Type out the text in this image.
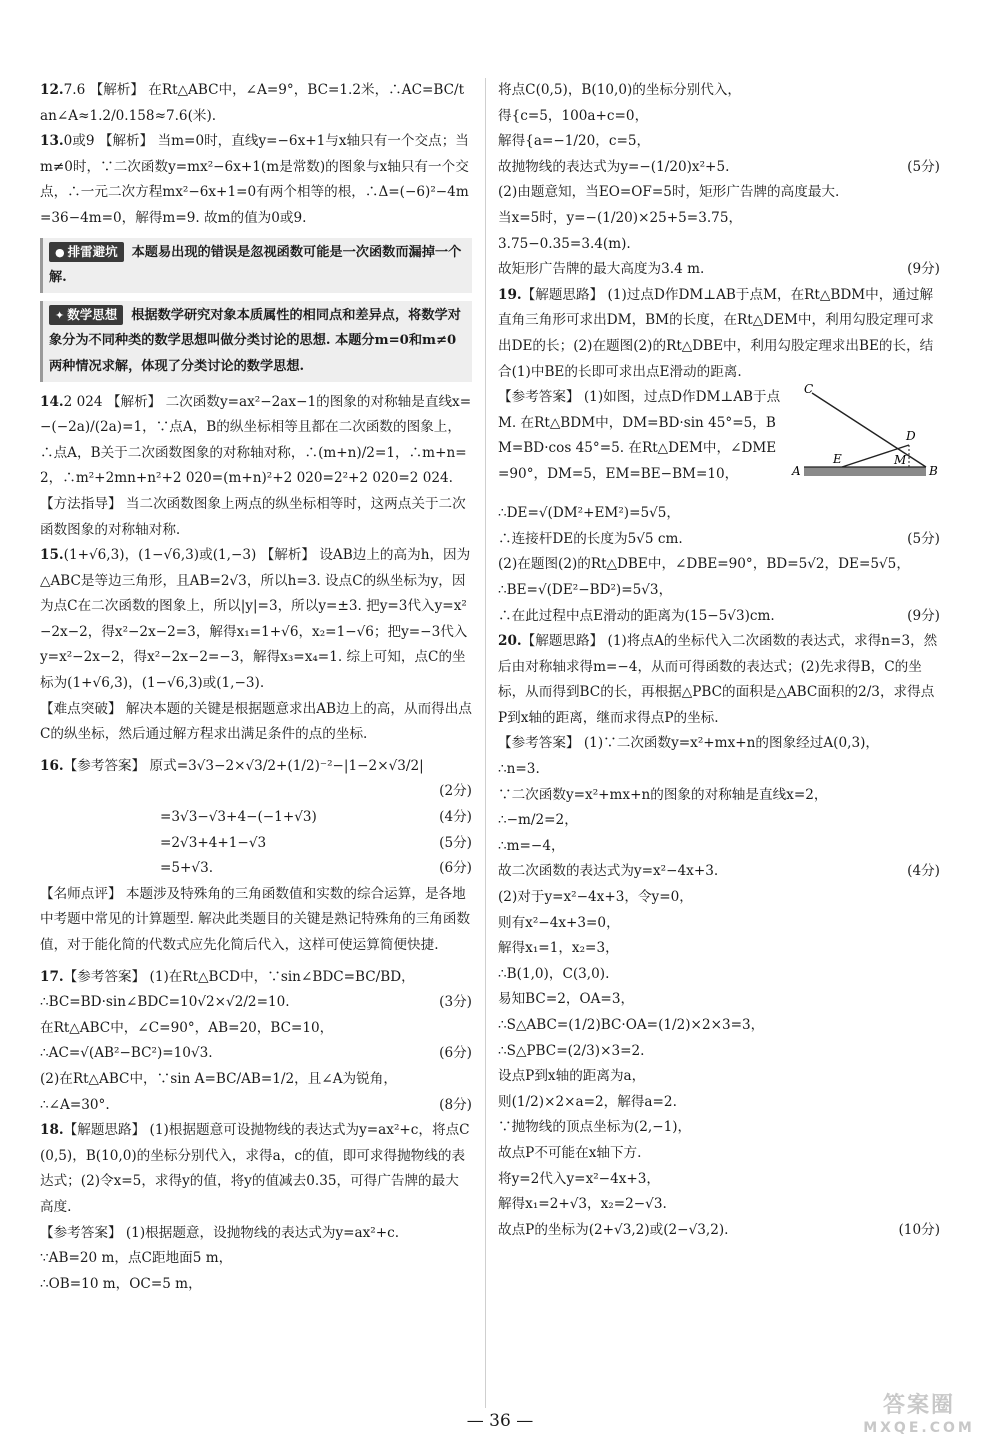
12.7.6 【解析】 在Rt△ABC中，∠A=9°，BC=1.2米，∴AC=BC/tan∠A≈1.2/0.158≈7.6(米).

13.0或9 【解析】 当m=0时，直线y=−6x+1与x轴只有一个交点；当m≠0时，∵二次函数y=mx²−6x+1(m是常数)的图象与x轴只有一个交点，∴一元二次方程mx²−6x+1=0有两个相等的根，∴Δ=(−6)²−4m=36−4m=0，解得m=9. 故m的值为0或9.

● 排雷避坑 本题易出现的错误是忽视函数可能是一次函数而漏掉一个解.
✦ 数学思想 根据数学研究对象本质属性的相同点和差异点，将数学对象分为不同种类的数学思想叫做分类讨论的思想. 本题分m=0和m≠0两种情况求解，体现了分类讨论的数学思想.

14.2 024 【解析】 二次函数y=ax²−2ax−1的图象的对称轴是直线x=−(−2a)/(2a)=1，∵点A，B的纵坐标相等且都在二次函数的图象上，∴点A，B关于二次函数图象的对称轴对称，∴(m+n)/2=1，∴m+n=2，∴m²+2mn+n²+2 020=(m+n)²+2 020=2²+2 020=2 024.

【方法指导】 当二次函数图象上两点的纵坐标相等时，这两点关于二次函数图象的对称轴对称.

15.(1+√6,3)，(1−√6,3)或(1,−3) 【解析】 设AB边上的高为h，因为△ABC是等边三角形，且AB=2√3，所以h=3. 设点C的纵坐标为y，因为点C在二次函数的图象上，所以|y|=3，所以y=±3. 把y=3代入y=x²−2x−2，得x²−2x−2=3，解得x₁=1+√6，x₂=1−√6；把y=−3代入y=x²−2x−2，得x²−2x−2=−3，解得x₃=x₄=1. 综上可知，点C的坐标为(1+√6,3)，(1−√6,3)或(1,−3).

【难点突破】 解决本题的关键是根据题意求出AB边上的高，从而得出点C的纵坐标，然后通过解方程求出满足条件的点的坐标.

16.【参考答案】 原式=3√3−2×√3/2+(1/2)⁻²−|1−2×√3/2|

(2分)

=3√3−√3+4−(−1+√3)	(4分)

=2√3+4+1−√3	(5分)

=5+√3.	(6分)

【名师点评】 本题涉及特殊角的三角函数值和实数的综合运算，是各地中考题中常见的计算题型. 解决此类题目的关键是熟记特殊角的三角函数值，对于能化简的代数式应先化简后代入，这样可使运算简便快捷.

17.【参考答案】 (1)在Rt△BCD中，∵sin∠BDC=BC/BD，

∴BC=BD·sin∠BDC=10√2×√2/2=10.	(3分)

在Rt△ABC中，∠C=90°，AB=20，BC=10，

∴AC=√(AB²−BC²)=10√3.	(6分)

(2)在Rt△ABC中，∵sin A=BC/AB=1/2，且∠A为锐角，

∴∠A=30°.	(8分)

18.【解题思路】 (1)根据题意可设抛物线的表达式为y=ax²+c，将点C(0,5)，B(10,0)的坐标分别代入，求得a，c的值，即可求得抛物线的表达式；(2)令x=5，求得y的值，将y的值减去0.35，可得广告牌的最大高度.

【参考答案】 (1)根据题意，设抛物线的表达式为y=ax²+c.

∵AB=20 m，点C距地面5 m，

∴OB=10 m，OC=5 m，

将点C(0,5)，B(10,0)的坐标分别代入，

得{c=5，100a+c=0，

解得{a=−1/20，c=5，

故抛物线的表达式为y=−(1/20)x²+5.	(5分)

(2)由题意知，当EO=OF=5时，矩形广告牌的高度最大.

当x=5时，y=−(1/20)×25+5=3.75，

3.75−0.35=3.4(m).

故矩形广告牌的最大高度为3.4 m.	(9分)

19.【解题思路】 (1)过点D作DM⊥AB于点M，在Rt△BDM中，通过解直角三角形可求出DM，BM的长度，在Rt△DEM中，利用勾股定理可求出DE的长；(2)在题图(2)的Rt△DBE中，利用勾股定理求出BE的长，结合(1)中BE的长即可求出点E滑动的距离.

A	B
C
D
E	M
【参考答案】 (1)如图，过点D作DM⊥AB于点M. 在Rt△BDM中，DM=BD·sin 45°=5，BM=BD·cos 45°=5. 在Rt△DEM中，∠DME=90°，DM=5，EM=BE−BM=10，

∴DE=√(DM²+EM²)=5√5，

∴连接杆DE的长度为5√5 cm.	(5分)

(2)在题图(2)的Rt△DBE中，∠DBE=90°，BD=5√2，DE=5√5，

∴BE=√(DE²−BD²)=5√3，

∴在此过程中点E滑动的距离为(15−5√3)cm.	(9分)

20.【解题思路】 (1)将点A的坐标代入二次函数的表达式，求得n=3，然后由对称轴求得m=−4，从而可得函数的表达式；(2)先求得B，C的坐标，从而得到BC的长，再根据△PBC的面积是△ABC面积的2/3，求得点P到x轴的距离，继而求得点P的坐标.

【参考答案】 (1)∵二次函数y=x²+mx+n的图象经过A(0,3)，

∴n=3.

∵二次函数y=x²+mx+n的图象的对称轴是直线x=2，

∴−m/2=2，

∴m=−4，

故二次函数的表达式为y=x²−4x+3.	(4分)

(2)对于y=x²−4x+3，令y=0，

则有x²−4x+3=0，

解得x₁=1，x₂=3，

∴B(1,0)，C(3,0).

易知BC=2，OA=3，

∴S△ABC=(1/2)BC·OA=(1/2)×2×3=3，

∴S△PBC=(2/3)×3=2.

设点P到x轴的距离为a，

则(1/2)×2×a=2，解得a=2.

∵抛物线的顶点坐标为(2,−1)，

故点P不可能在x轴下方.

将y=2代入y=x²−4x+3，

解得x₁=2+√3，x₂=2−√3.

故点P的坐标为(2+√3,2)或(2−√3,2).	(10分)

— 36 —
答案圈
MXQE.COM
